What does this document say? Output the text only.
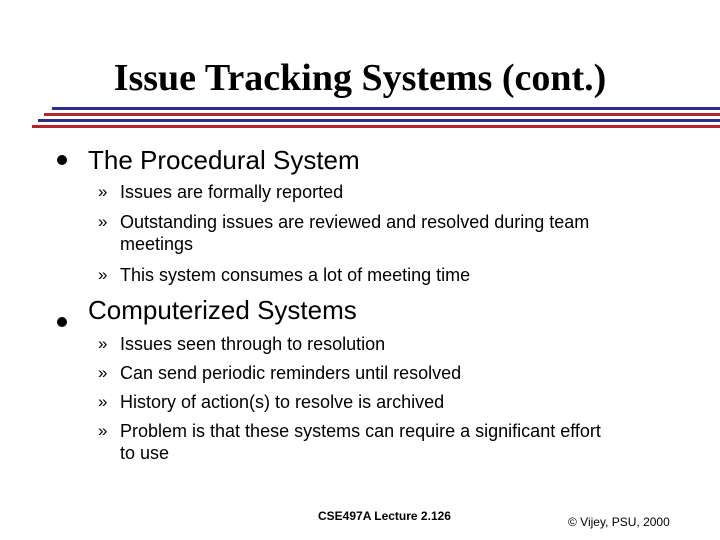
Issue Tracking Systems (cont.)
The Procedural System
» Issues are formally reported
» Outstanding issues are reviewed and resolved during team
meetings
» This system consumes a lot of meeting time
Computerized Systems
» Issues seen through to resolution
» Can send periodic reminders until resolved
» History of action(s) to resolve is archived
» Problem is that these systems can require a significant effort
to use
CSE497A Lecture 2.126	© Vijey, PSU, 2000
